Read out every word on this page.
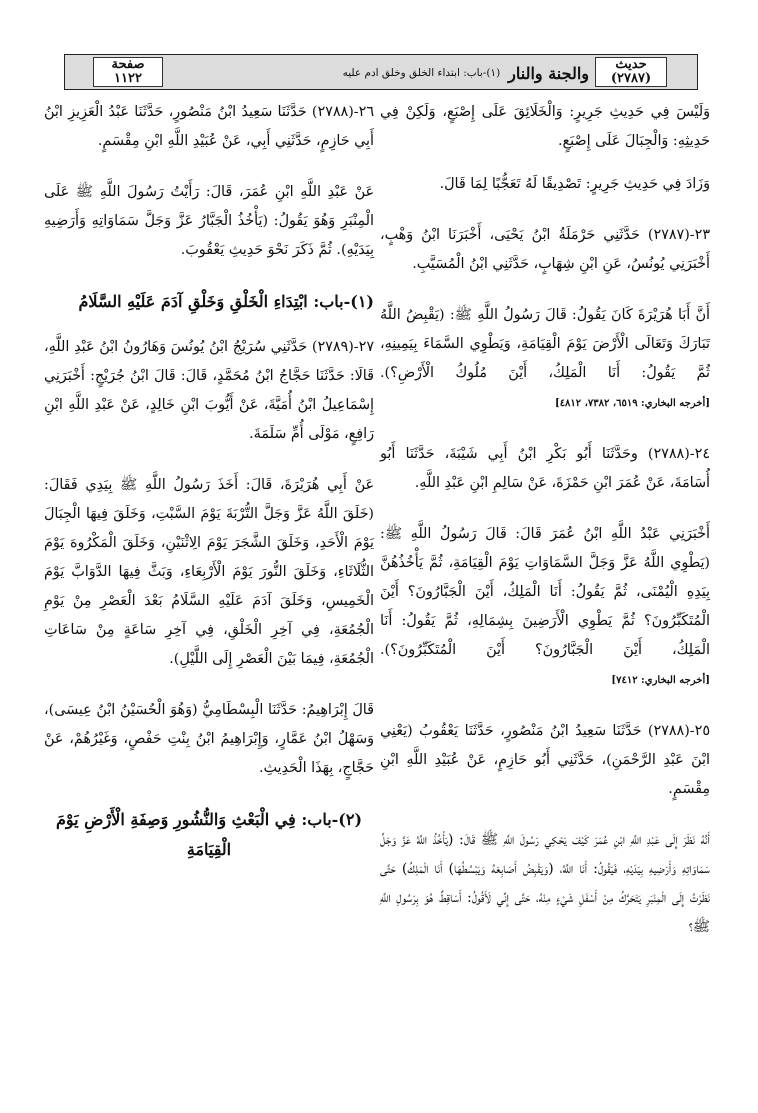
صفحة
١١٢٢	والجنة والنار
(١)-باب: ابتداء الخلق وخلق ادم عليه
حديث
(٢٧٨٧)

وَلَيْسَ فِي حَدِيثِ جَرِيرٍ: وَالْخَلَائِقَ عَلَى إِصْبَعٍ، وَلَكِنْ فِي حَدِيثِهِ: وَالْجِبَالَ عَلَى إِصْبَعٍ.

وَزَادَ فِي حَدِيثِ جَرِيرٍ: تَصْدِيقًا لَهُ تَعَجُّبًا لِمَا قَالَ.

٢٣-(٢٧٨٧) حَدَّثَنِي حَرْمَلَةُ ابْنُ يَحْيَى، أَخْبَرَنَا ابْنُ وَهْبٍ، أَخْبَرَنِي يُونُسُ، عَنِ ابْنِ شِهَابٍ، حَدَّثَنِي ابْنُ الْمُسَيَّبِ.

أَنَّ أَبَا هُرَيْرَةَ كَانَ يَقُولُ: قَالَ رَسُولُ اللَّهِ ﷺ: (يَقْبِضُ اللَّهُ تَبَارَكَ وَتَعَالَى الْأَرْضَ يَوْمَ الْقِيَامَةِ، وَيَطْوِي السَّمَاءَ بِيَمِينِهِ، ثُمَّ يَقُولُ: أَنَا الْمَلِكُ، أَيْنَ مُلُوكُ الْأَرْضِ؟). [أخرجه البخاري: ٦٥١٩، ٧٣٨٢، ٤٨١٢]

٢٤-(٢٧٨٨) وحَدَّثَنَا أَبُو بَكْرِ ابْنُ أَبِي شَيْبَةَ، حَدَّثَنَا أَبُو أُسَامَةَ، عَنْ عُمَرَ ابْنِ حَمْزَةَ، عَنْ سَالِمِ ابْنِ عَبْدِ اللَّهِ.

أَخْبَرَنِي عَبْدُ اللَّهِ ابْنُ عُمَرَ قَالَ: قَالَ رَسُولُ اللَّهِ ﷺ: (يَطْوِي اللَّهُ عَزَّ وَجَلَّ السَّمَاوَاتِ يَوْمَ الْقِيَامَةِ، ثُمَّ يَأْخُذُهُنَّ بِيَدِهِ الْيُمْنَى، ثُمَّ يَقُولُ: أَنَا الْمَلِكُ، أَيْنَ الْجَبَّارُونَ؟ أَيْنَ الْمُتَكَبِّرُونَ؟ ثُمَّ يَطْوِي الْأَرَضِينَ بِشِمَالِهِ، ثُمَّ يَقُولُ: أَنَا الْمَلِكُ، أَيْنَ الْجَبَّارُونَ؟ أَيْنَ الْمُتَكَبِّرُونَ؟). [أخرجه البخاري: ٧٤١٢]

٢٥-(٢٧٨٨) حَدَّثَنَا سَعِيدُ ابْنُ مَنْصُورٍ، حَدَّثَنَا يَعْقُوبُ (يَعْنِي ابْنَ عَبْدِ الرَّحْمَنِ)، حَدَّثَنِي أَبُو حَازِمٍ، عَنْ عُبَيْدِ اللَّهِ ابْنِ مِقْسَمٍ.

أَنَّهُ نَظَرَ إِلَى عَبْدِ اللَّهِ ابْنِ عُمَرَ كَيْفَ يَحْكِي رَسُولَ اللَّهِ ﷺ قَالَ: (يَأْخُذُ اللَّهُ عَزَّ وَجَلَّ سَمَاوَاتِهِ وَأَرَضِيهِ بِيَدَيْهِ، فَيَقُولُ: أَنَا اللَّهُ، (وَيَقْبِضُ أَصَابِعَهُ وَيَبْسُطُهَا) أَنَا الْمَلِكُ) حَتَّى نَظَرْتُ إِلَى الْمِنْبَرِ يَتَحَرَّكُ مِنْ أَسْفَلِ شَيْءٍ مِنْهُ، حَتَّى إِنِّي لَأَقُولُ: أَسَاقِطٌ هُوَ بِرَسُولِ اللَّهِ ﷺ؟

٢٦-(٢٧٨٨) حَدَّثَنَا سَعِيدُ ابْنُ مَنْصُورٍ، حَدَّثَنَا عَبْدُ الْعَزِيزِ ابْنُ أَبِي حَازِمٍ، حَدَّثَنِي أَبِي، عَنْ عُبَيْدِ اللَّهِ ابْنِ مِقْسَمٍ.

عَنْ عَبْدِ اللَّهِ ابْنِ عُمَرَ، قَالَ: رَأَيْتُ رَسُولَ اللَّهِ ﷺ عَلَى الْمِنْبَرِ وَهُوَ يَقُولُ: (يَأْخُذُ الْجَبَّارُ عَزَّ وَجَلَّ سَمَاوَاتِهِ وَأَرَضِيهِ بِيَدَيْهِ). ثُمَّ ذَكَرَ نَحْوَ حَدِيثِ يَعْقُوبَ.

(١)-باب: ابْتِدَاءِ الْخَلْقِ وَخَلْقِ آدَمَ عَلَيْهِ السَّلَامُ

٢٧-(٢٧٨٩) حَدَّثَنِي سُرَيْجُ ابْنُ يُونُسَ وَهَارُونُ ابْنُ عَبْدِ اللَّهِ، قَالَا: حَدَّثَنَا حَجَّاجُ ابْنُ مُحَمَّدٍ، قَالَ: قَالَ ابْنُ جُرَيْجٍ: أَخْبَرَنِي إِسْمَاعِيلُ ابْنُ أُمَيَّةَ، عَنْ أَيُّوبَ ابْنِ خَالِدٍ، عَنْ عَبْدِ اللَّهِ ابْنِ رَافِعٍ، مَوْلَى أُمِّ سَلَمَةَ.

عَنْ أَبِي هُرَيْرَةَ، قَالَ: أَخَذَ رَسُولُ اللَّهِ ﷺ بِيَدِي فَقَالَ: (خَلَقَ اللَّهُ عَزَّ وَجَلَّ التُّرْبَةَ يَوْمَ السَّبْتِ، وَخَلَقَ فِيهَا الْجِبَالَ يَوْمَ الْأَحَدِ، وَخَلَقَ الشَّجَرَ يَوْمَ الِاثْنَيْنِ، وَخَلَقَ الْمَكْرُوهَ يَوْمَ الثُّلَاثَاءِ، وَخَلَقَ النُّورَ يَوْمَ الْأَرْبِعَاءِ، وَبَثَّ فِيهَا الدَّوَابَّ يَوْمَ الْخَمِيسِ، وَخَلَقَ آدَمَ عَلَيْهِ السَّلَامُ بَعْدَ الْعَصْرِ مِنْ يَوْمِ الْجُمُعَةِ، فِي آخِرِ الْخَلْقِ، فِي آخِرِ سَاعَةٍ مِنْ سَاعَاتِ الْجُمُعَةِ، فِيمَا بَيْنَ الْعَصْرِ إِلَى اللَّيْلِ).

قَالَ إِبْرَاهِيمُ: حَدَّثَنَا الْبِسْطَامِيُّ (وَهُوَ الْحُسَيْنُ ابْنُ عِيسَى)، وَسَهْلُ ابْنُ عَمَّارٍ، وَإِبْرَاهِيمُ ابْنُ بِنْتِ حَفْصٍ، وَغَيْرُهُمْ، عَنْ حَجَّاجٍ، بِهَذَا الْحَدِيثِ.

(٢)-باب: فِي الْبَعْثِ وَالنُّشُورِ وَصِفَةِ الْأَرْضِ يَوْمَ الْقِيَامَةِ
